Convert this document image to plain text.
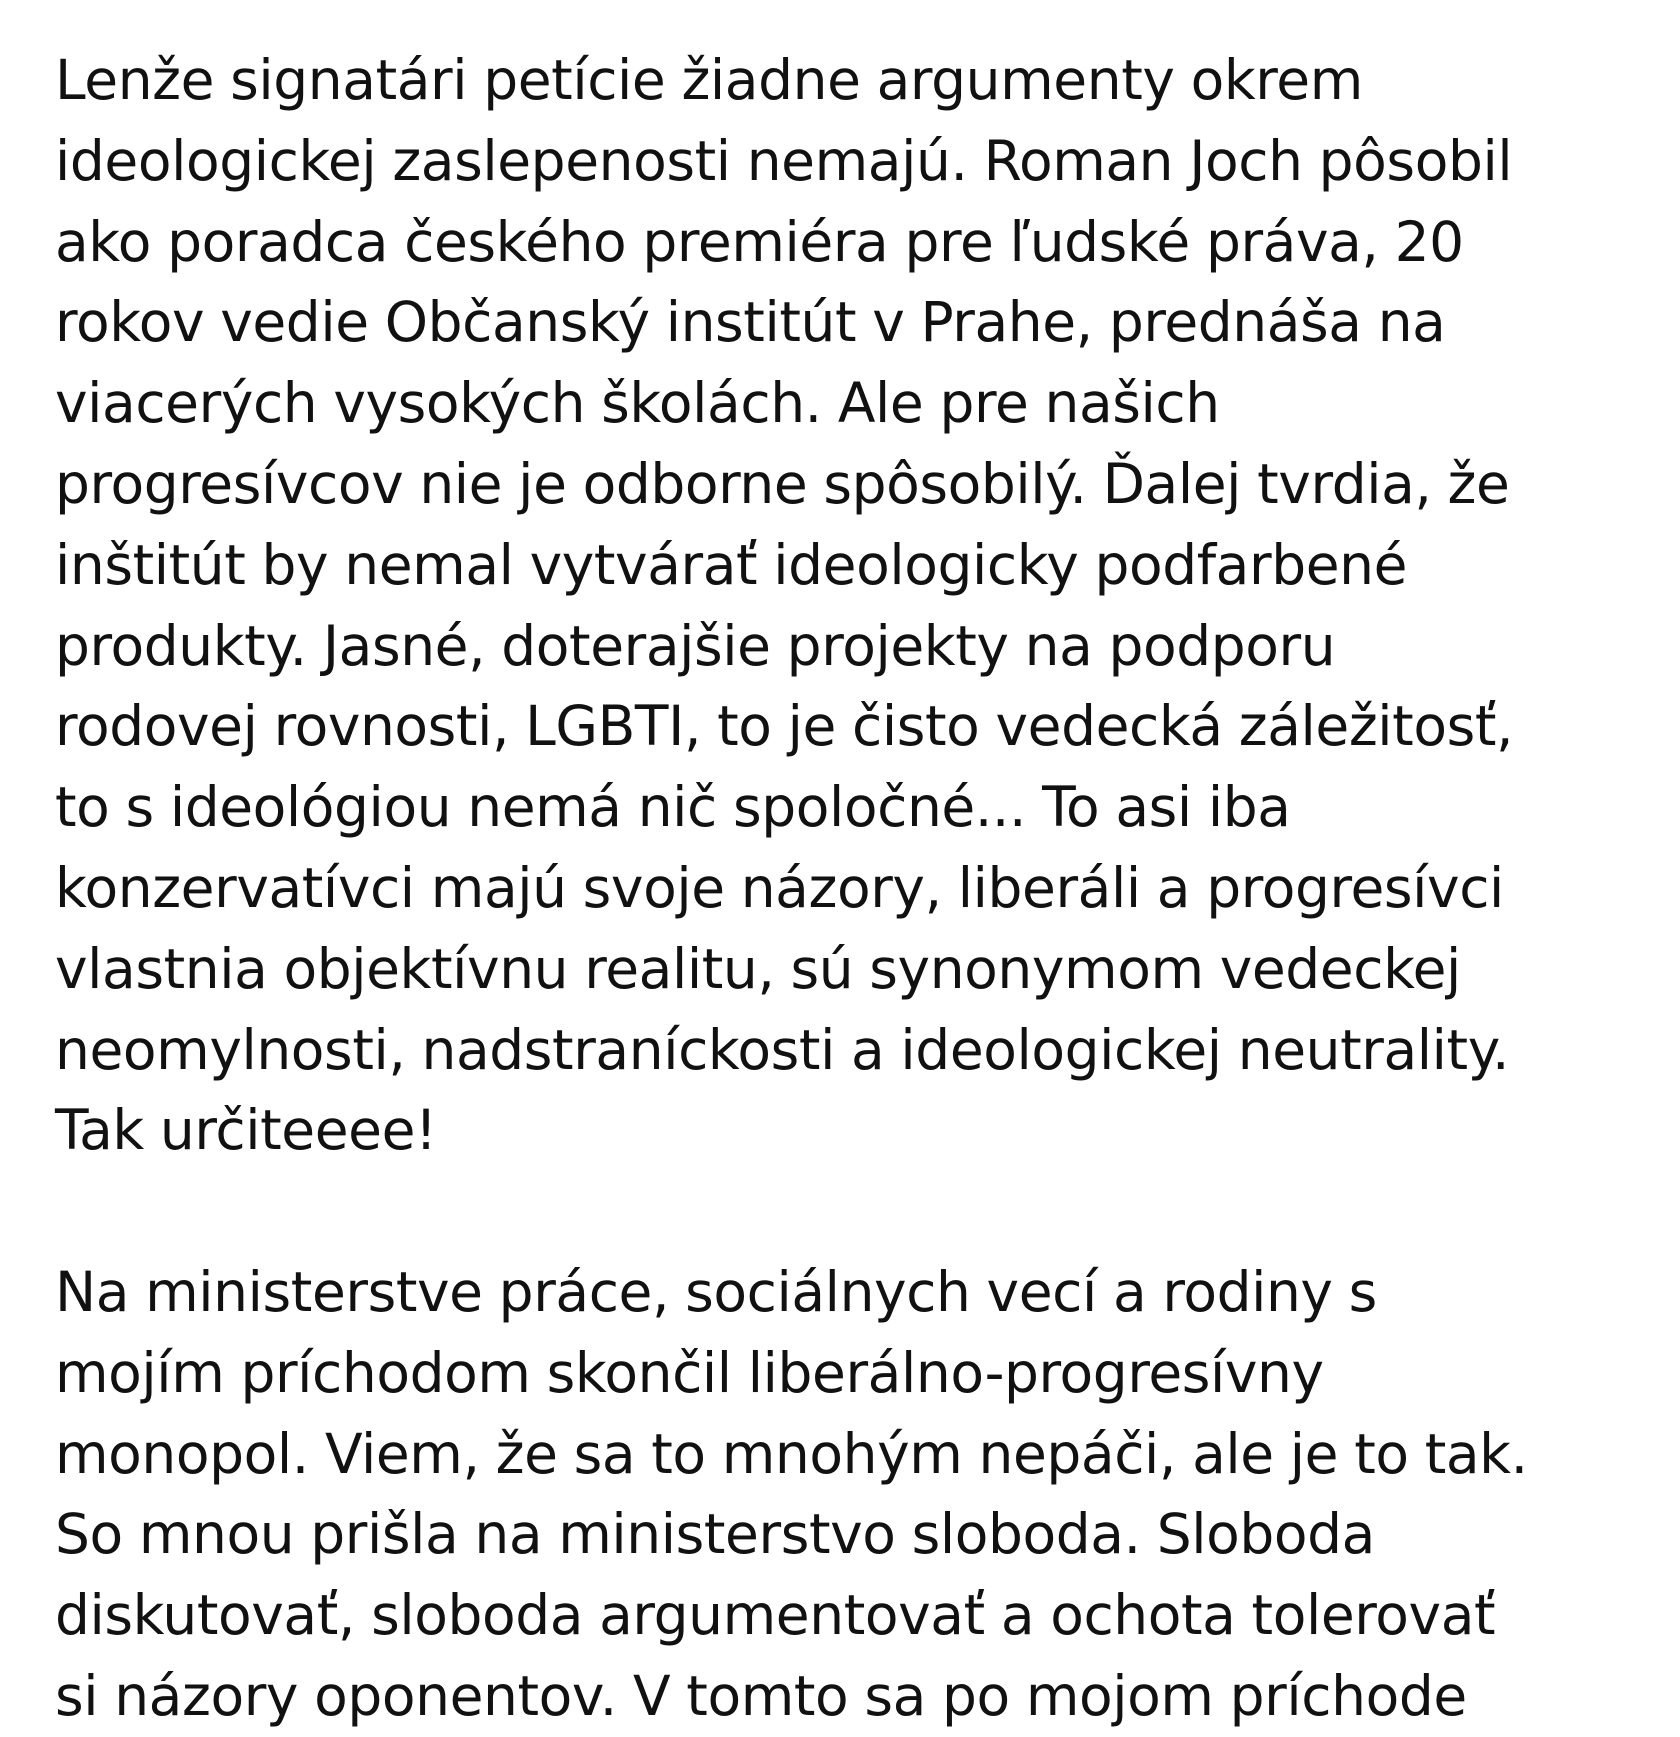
Lenže signatári petície žiadne argumenty okrem
ideologickej zaslepenosti nemajú. Roman Joch pôsobil
ako poradca českého premiéra pre ľudské práva, 20
rokov vedie Občanský institút v Prahe, prednáša na
viacerých vysokých školách. Ale pre našich
progresívcov nie je odborne spôsobilý. Ďalej tvrdia, že
inštitút by nemal vytvárať ideologicky podfarbené
produkty. Jasné, doterajšie projekty na podporu
rodovej rovnosti, LGBTI, to je čisto vedecká záležitosť,
to s ideológiou nemá nič spoločné... To asi iba
konzervatívci majú svoje názory, liberáli a progresívci
vlastnia objektívnu realitu, sú synonymom vedeckej
neomylnosti, nadstraníckosti a ideologickej neutrality.
Tak určiteeee!
Na ministerstve práce, sociálnych vecí a rodiny s
mojím príchodom skončil liberálno-progresívny
monopol. Viem, že sa to mnohým nepáči, ale je to tak.
So mnou prišla na ministerstvo sloboda. Sloboda
diskutovať, sloboda argumentovať a ochota tolerovať
si názory oponentov. V tomto sa po mojom príchode
